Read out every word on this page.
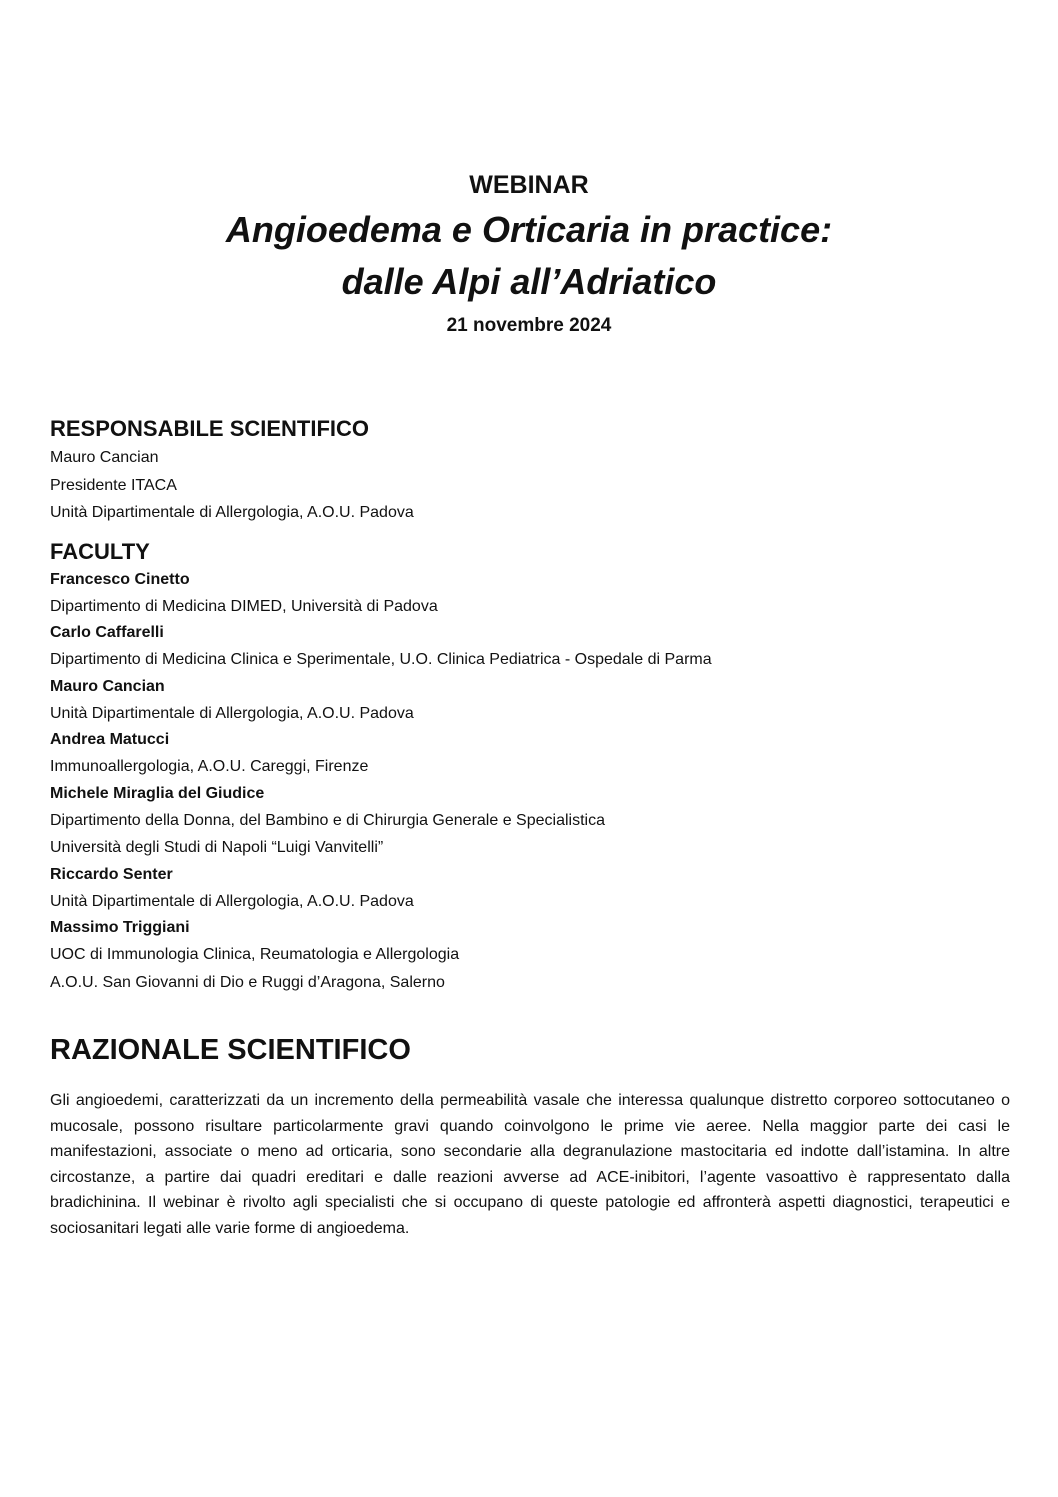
WEBINAR

Angioedema e Orticaria in practice:
dalle Alpi all’Adriatico

21 novembre 2024

RESPONSABILE SCIENTIFICO

Mauro Cancian

Presidente ITACA

Unità Dipartimentale di Allergologia, A.O.U. Padova

FACULTY

Francesco Cinetto

Dipartimento di Medicina DIMED, Università di Padova

Carlo Caffarelli

Dipartimento di Medicina Clinica e Sperimentale, U.O. Clinica Pediatrica - Ospedale di Parma

Mauro Cancian

Unità Dipartimentale di Allergologia, A.O.U. Padova

Andrea Matucci

Immunoallergologia, A.O.U. Careggi, Firenze

Michele Miraglia del Giudice

Dipartimento della Donna, del Bambino e di Chirurgia Generale e Specialistica

Università degli Studi di Napoli “Luigi Vanvitelli”

Riccardo Senter

Unità Dipartimentale di Allergologia, A.O.U. Padova

Massimo Triggiani

UOC di Immunologia Clinica, Reumatologia e Allergologia

A.O.U. San Giovanni di Dio e Ruggi d’Aragona, Salerno

RAZIONALE SCIENTIFICO

Gli angioedemi, caratterizzati da un incremento della permeabilità vasale che interessa qualunque distretto corporeo sottocutaneo o mucosale, possono risultare particolarmente gravi quando coinvolgono le prime vie aeree. Nella maggior parte dei casi le manifestazioni, associate o meno ad orticaria, sono secondarie alla degranulazione mastocitaria ed indotte dall’istamina. In altre circostanze, a partire dai quadri ereditari e dalle reazioni avverse ad ACE-inibitori, l’agente vasoattivo è rappresentato dalla bradichinina. Il webinar è rivolto agli specialisti che si occupano di queste patologie ed affronterà aspetti diagnostici, terapeutici e sociosanitari legati alle varie forme di angioedema.
